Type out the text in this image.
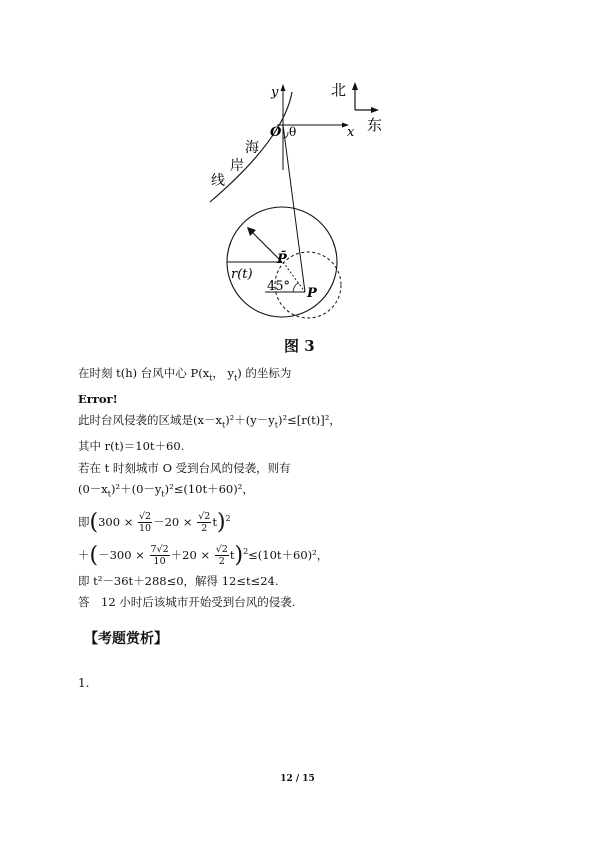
北
东
y
x
O θ
海
岸
线
P̄
r(t)
45° P
图 3
在时刻 t(h) 台风中心 $P(x_t$， $y_t$) 的坐标为
Error!
此时台风侵袭的区域是$(x-x_t)^2+(y-y_t)^2\le[r(t)]^2$，
其中 r(t)＝10t＋60.
若在 t 时刻城市 O 受到台风的侵袭，则有
$(0-x_t)^2+(0-y_t)^2\le(10t+60)^2$，
即$(300 \times \frac{√2}{10} -20 \times \frac{√2}{2} t)^2$
$+(-300 \times \frac{7√2}{10} +20 \times \frac{√2}{2} t)^2\le(10t+60)^2$，
即 t²－36t＋288≤0，解得 12≤t≤24.
答　12 小时后该城市开始受到台风的侵袭.
【考题赏析】
1.
12 / 15
